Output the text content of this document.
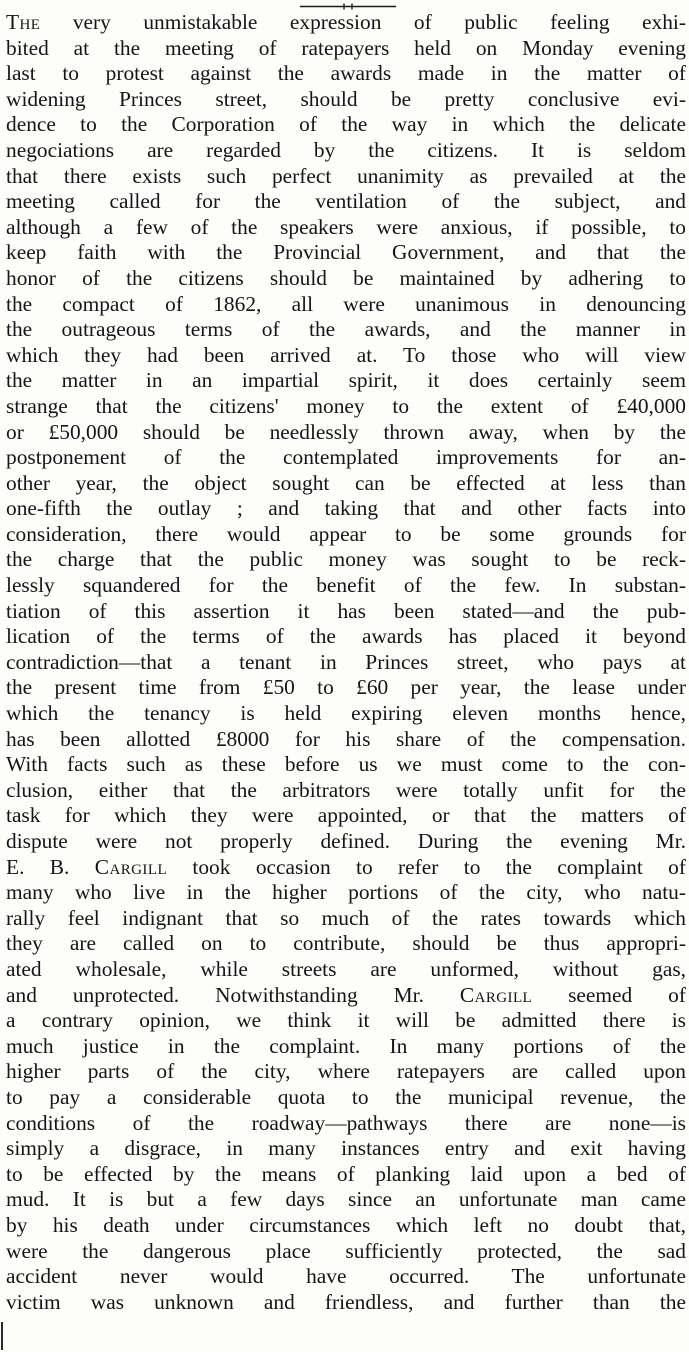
The very unmistakable expression of public feeling exhi-
bited at the meeting of ratepayers held on Monday evening
last to protest against the awards made in the matter of
widening Princes street, should be pretty conclusive evi-
dence to the Corporation of the way in which the delicate
negociations are regarded by the citizens. It is seldom
that there exists such perfect unanimity as prevailed at the
meeting called for the ventilation of the subject, and
although a few of the speakers were anxious, if possible, to
keep faith with the Provincial Government, and that the
honor of the citizens should be maintained by adhering to
the compact of 1862, all were unanimous in denouncing
the outrageous terms of the awards, and the manner in
which they had been arrived at. To those who will view
the matter in an impartial spirit, it does certainly seem
strange that the citizens' money to the extent of £40,000
or £50,000 should be needlessly thrown away, when by the
postponement of the contemplated improvements for an-
other year, the object sought can be effected at less than
one-fifth the outlay ; and taking that and other facts into
consideration, there would appear to be some grounds for
the charge that the public money was sought to be reck-
lessly squandered for the benefit of the few. In substan-
tiation of this assertion it has been stated—and the pub-
lication of the terms of the awards has placed it beyond
contradiction—that a tenant in Princes street, who pays at
the present time from £50 to £60 per year, the lease under
which the tenancy is held expiring eleven months hence,
has been allotted £8000 for his share of the compensation.
With facts such as these before us we must come to the con-
clusion, either that the arbitrators were totally unfit for the
task for which they were appointed, or that the matters of
dispute were not properly defined. During the evening Mr.
E. B. Cargill took occasion to refer to the complaint of
many who live in the higher portions of the city, who natu-
rally feel indignant that so much of the rates towards which
they are called on to contribute, should be thus appropri-
ated wholesale, while streets are unformed, without gas,
and unprotected. Notwithstanding Mr. Cargill seemed of
a contrary opinion, we think it will be admitted there is
much justice in the complaint. In many portions of the
higher parts of the city, where ratepayers are called upon
to pay a considerable quota to the municipal revenue, the
conditions of the roadway—pathways there are none—is
simply a disgrace, in many instances entry and exit having
to be effected by the means of planking laid upon a bed of
mud. It is but a few days since an unfortunate man came
by his death under circumstances which left no doubt that,
were the dangerous place sufficiently protected, the sad
accident never would have occurred. The unfortunate
victim was unknown and friendless, and further than the
